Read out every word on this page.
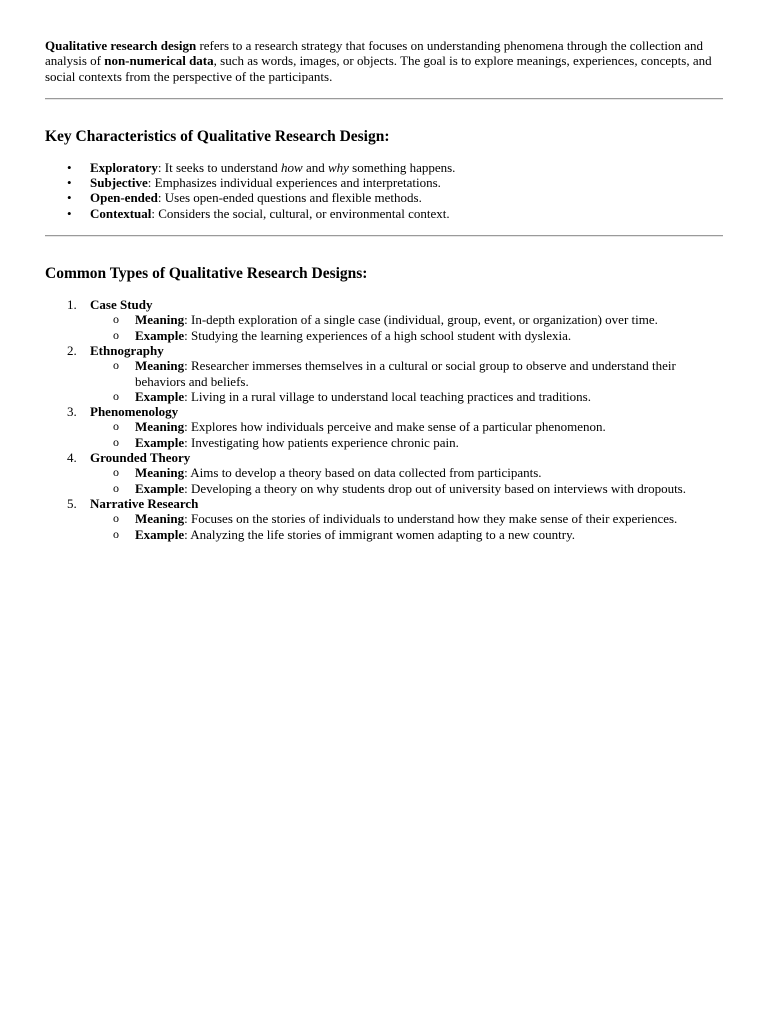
Qualitative research design refers to a research strategy that focuses on understanding phenomena through the collection and analysis of non-numerical data, such as words, images, or objects. The goal is to explore meanings, experiences, concepts, and social contexts from the perspective of the participants.

Key Characteristics of Qualitative Research Design:
• Exploratory: It seeks to understand how and why something happens.
• Subjective: Emphasizes individual experiences and interpretations.
• Open-ended: Uses open-ended questions and flexible methods.
• Contextual: Considers the social, cultural, or environmental context.
Common Types of Qualitative Research Designs:
1. Case Study
o Meaning: In-depth exploration of a single case (individual, group, event, or organization) over time.
o Example: Studying the learning experiences of a high school student with dyslexia.
2. Ethnography
o Meaning: Researcher immerses themselves in a cultural or social group to observe and understand their behaviors and beliefs.
o Example: Living in a rural village to understand local teaching practices and traditions.
3. Phenomenology
o Meaning: Explores how individuals perceive and make sense of a particular phenomenon.
o Example: Investigating how patients experience chronic pain.
4. Grounded Theory
o Meaning: Aims to develop a theory based on data collected from participants.
o Example: Developing a theory on why students drop out of university based on interviews with dropouts.
5. Narrative Research
o Meaning: Focuses on the stories of individuals to understand how they make sense of their experiences.
o Example: Analyzing the life stories of immigrant women adapting to a new country.
